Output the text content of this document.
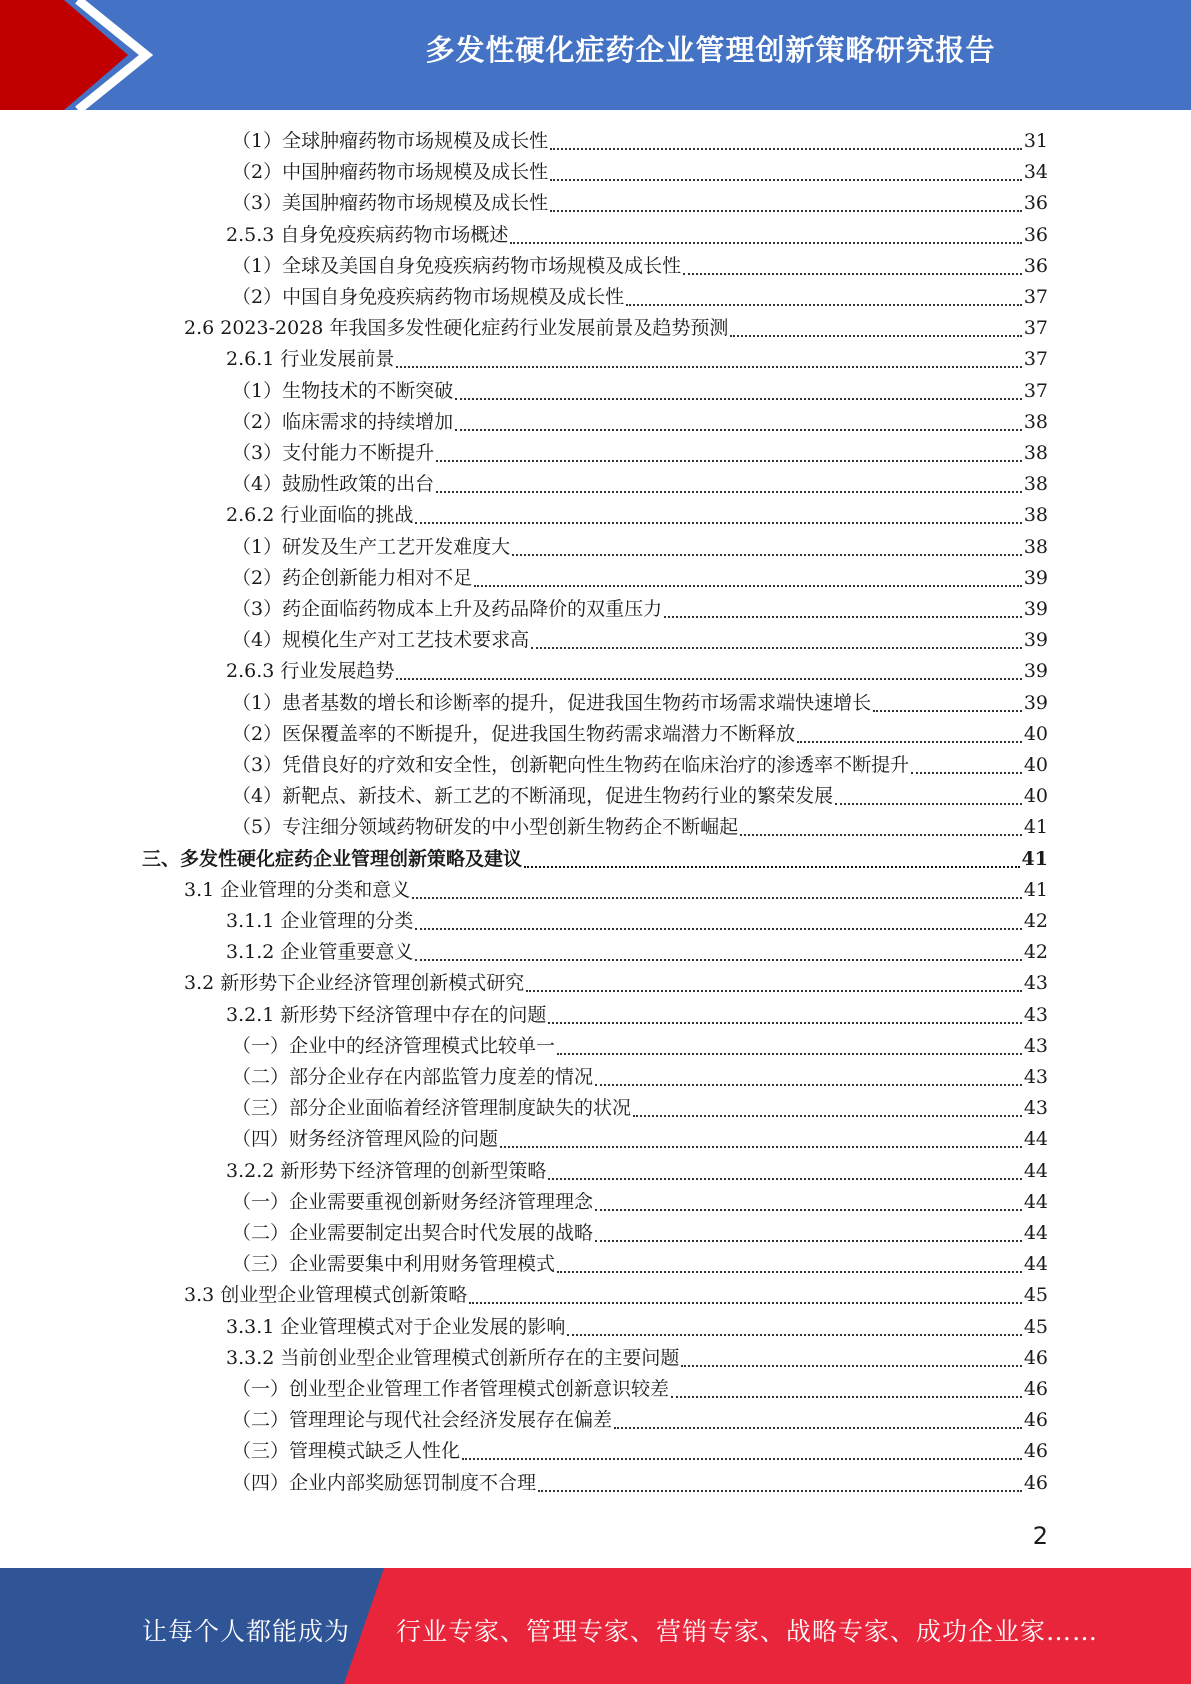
多发性硬化症药企业管理创新策略研究报告
（1）全球肿瘤药物市场规模及成长性	31
（2）中国肿瘤药物市场规模及成长性	34
（3）美国肿瘤药物市场规模及成长性	36
2.5.3 自身免疫疾病药物市场概述	36
（1）全球及美国自身免疫疾病药物市场规模及成长性	36
（2）中国自身免疫疾病药物市场规模及成长性	37
2.6 2023-2028 年我国多发性硬化症药行业发展前景及趋势预测	37
2.6.1 行业发展前景	37
（1）生物技术的不断突破	37
（2）临床需求的持续增加	38
（3）支付能力不断提升	38
（4）鼓励性政策的出台	38
2.6.2 行业面临的挑战	38
（1）研发及生产工艺开发难度大	38
（2）药企创新能力相对不足	39
（3）药企面临药物成本上升及药品降价的双重压力	39
（4）规模化生产对工艺技术要求高	39
2.6.3 行业发展趋势	39
（1）患者基数的增长和诊断率的提升，促进我国生物药市场需求端快速增长	39
（2）医保覆盖率的不断提升，促进我国生物药需求端潜力不断释放	40
（3）凭借良好的疗效和安全性，创新靶向性生物药在临床治疗的渗透率不断提升	40
（4）新靶点、新技术、新工艺的不断涌现，促进生物药行业的繁荣发展	40
（5）专注细分领域药物研发的中小型创新生物药企不断崛起	41
三、多发性硬化症药企业管理创新策略及建议	41
3.1 企业管理的分类和意义	41
3.1.1 企业管理的分类	42
3.1.2 企业管重要意义	42
3.2 新形势下企业经济管理创新模式研究	43
3.2.1 新形势下经济管理中存在的问题	43
（一）企业中的经济管理模式比较单一	43
（二）部分企业存在内部监管力度差的情况	43
（三）部分企业面临着经济管理制度缺失的状况	43
（四）财务经济管理风险的问题	44
3.2.2 新形势下经济管理的创新型策略	44
（一）企业需要重视创新财务经济管理理念	44
（二）企业需要制定出契合时代发展的战略	44
（三）企业需要集中利用财务管理模式	44
3.3 创业型企业管理模式创新策略	45
3.3.1 企业管理模式对于企业发展的影响	45
3.3.2 当前创业型企业管理模式创新所存在的主要问题	46
（一）创业型企业管理工作者管理模式创新意识较差	46
（二）管理理论与现代社会经济发展存在偏差	46
（三）管理模式缺乏人性化	46
（四）企业内部奖励惩罚制度不合理	46
2
让每个人都能成为 行业专家、管理专家、营销专家、战略专家、成功企业家……
